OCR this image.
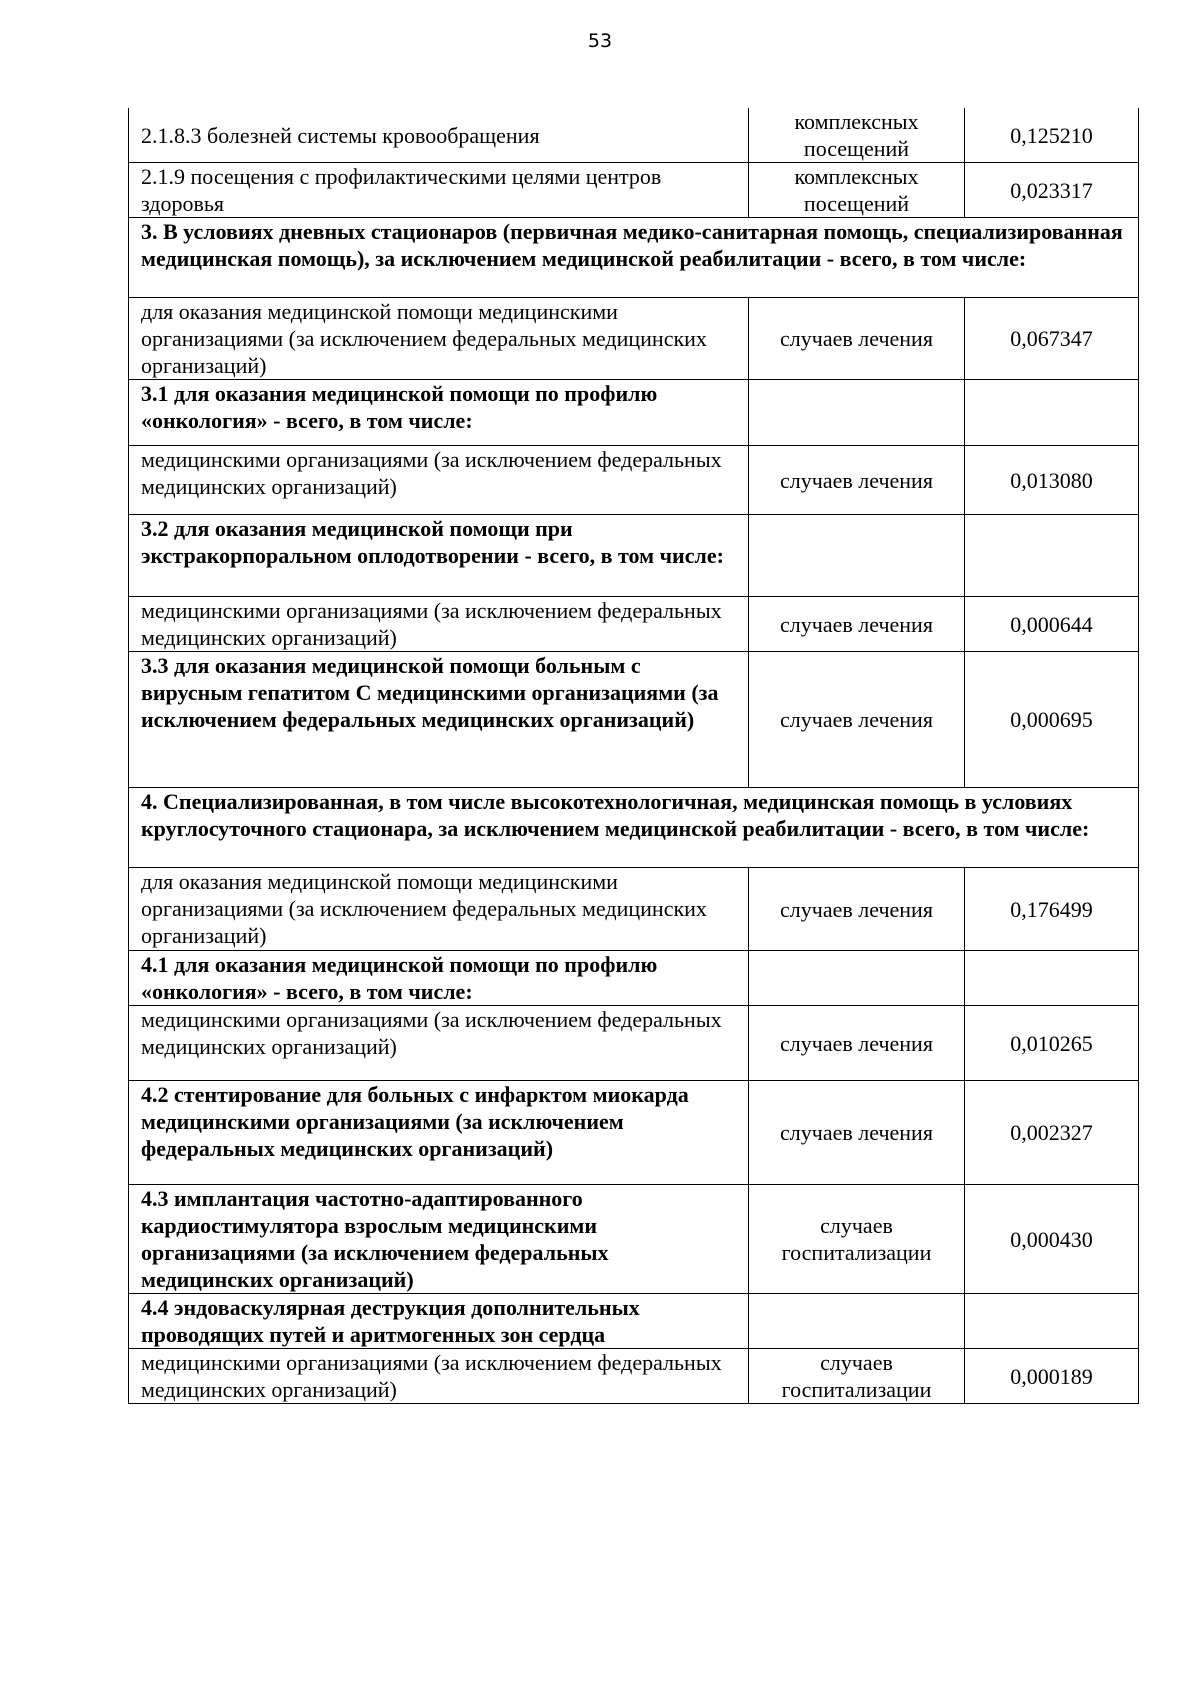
53
2.1.8.3 болезней системы кровообращения	комплексных посещений	0,125210
2.1.9 посещения с профилактическими целями центров здоровья	комплексных посещений	0,023317
3. В условиях дневных стационаров (первичная медико-санитарная помощь, специализированная медицинская помощь), за исключением медицинской реабилитации - всего, в том числе:		
для оказания медицинской помощи медицинскими организациями (за исключением федеральных медицинских организаций)	случаев лечения	0,067347
3.1 для оказания медицинской помощи по профилю «онкология» - всего, в том числе:		
медицинскими организациями (за исключением федеральных медицинских организаций)	случаев лечения	0,013080
3.2 для оказания медицинской помощи при экстракорпоральном оплодотворении - всего, в том числе:		
медицинскими организациями (за исключением федеральных медицинских организаций)	случаев лечения	0,000644
3.3 для оказания медицинской помощи больным с вирусным гепатитом С медицинскими организациями (за исключением федеральных медицинских организаций)	случаев лечения	0,000695
4. Специализированная, в том числе высокотехнологичная, медицинская помощь в условиях круглосуточного стационара, за исключением медицинской реабилитации - всего, в том числе:		
для оказания медицинской помощи медицинскими организациями (за исключением федеральных медицинских организаций)	случаев лечения	0,176499
4.1 для оказания медицинской помощи по профилю «онкология» - всего, в том числе:		
медицинскими организациями (за исключением федеральных медицинских организаций)	случаев лечения	0,010265
4.2 стентирование для больных с инфарктом миокарда медицинскими организациями (за исключением федеральных медицинских организаций)	случаев лечения	0,002327
4.3 имплантация частотно-адаптированного кардиостимулятора взрослым медицинскими организациями (за исключением федеральных медицинских организаций)	случаев госпитализации	0,000430
4.4 эндоваскулярная деструкция дополнительных проводящих путей и аритмогенных зон сердца		
медицинскими организациями (за исключением федеральных медицинских организаций)	случаев госпитализации	0,000189
